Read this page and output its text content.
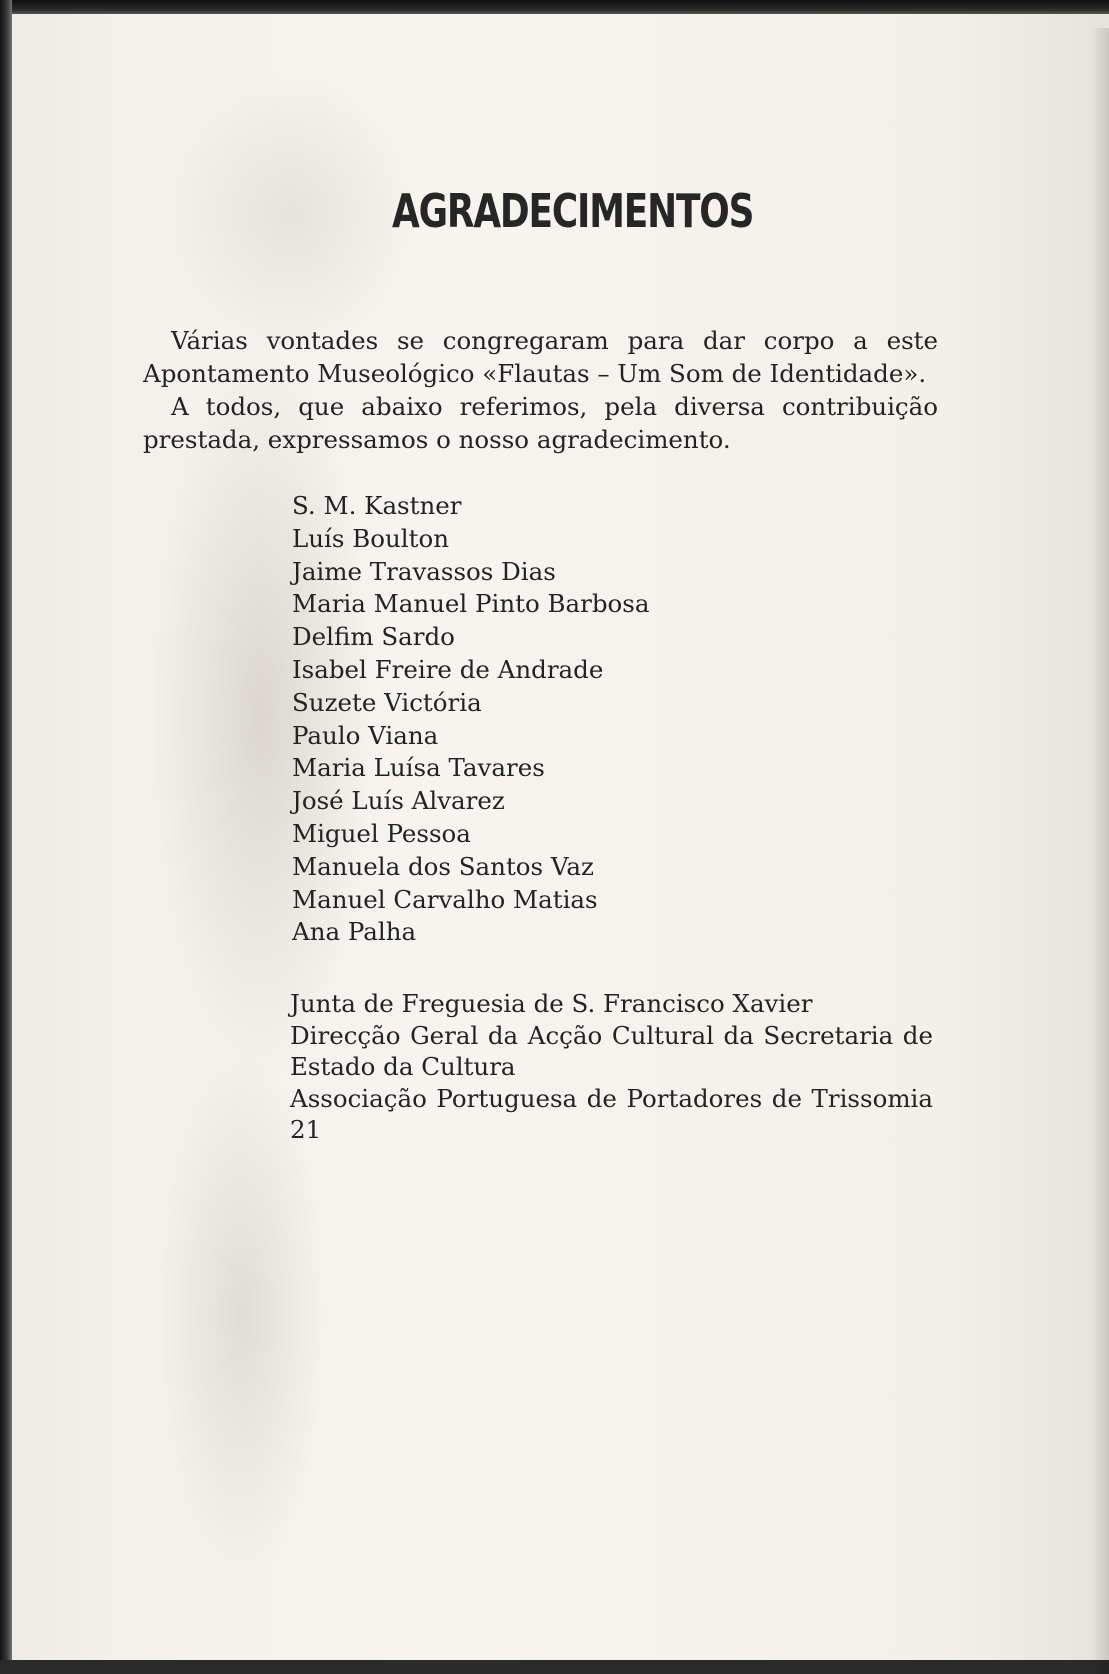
AGRADECIMENTOS

Várias vontades se congregaram para dar corpo a este Apontamento Museológico «Flautas – Um Som de Identidade».

A todos, que abaixo referimos, pela diversa contribuição prestada, expressamos o nosso agradecimento.

S. M. Kastner
Luís Boulton
Jaime Travassos Dias
Maria Manuel Pinto Barbosa
Delfim Sardo
Isabel Freire de Andrade
Suzete Victória
Paulo Viana
Maria Luísa Tavares
José Luís Alvarez
Miguel Pessoa
Manuela dos Santos Vaz
Manuel Carvalho Matias
Ana Palha
Junta de Freguesia de S. Francisco Xavier
Direcção Geral da Acção Cultural da Secretaria de Estado da Cultura
Associação Portuguesa de Portadores de Trissomia 21
